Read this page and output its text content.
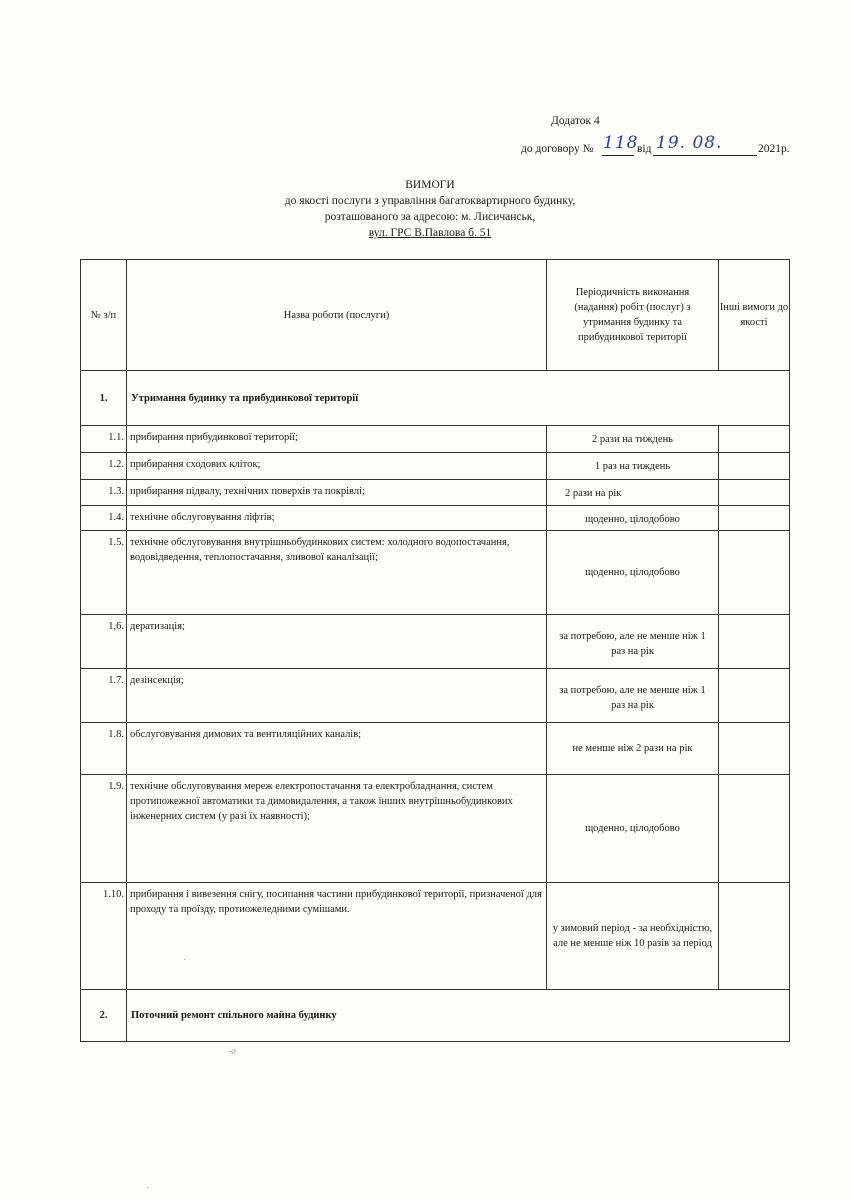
Додаток 4
до договору № 118
від 19. 08.	2021р.
ВИМОГИ
до якості послуги з управління багатоквартирного будинку,
розташованого за адресою: м. Лисичанськ,
вул. ГРС В.Павлова б. 51
№ з/п	Назва роботи (послуги)	Періодичність виконання (надання) робіт (послуг) з утримання будинку та прибудинкової території	Інші вимоги до якості
1.	Утримання будинку та прибудинкової території		
1.1.	прибирання прибудинкової території;	2 рази на тиждень	
1.2.	прибирання сходових кліток;	1 раз на тиждень	
1.3.	прибирання підвалу, технічних поверхів та покрівлі;	2 рази на рік	
1.4.	технічне обслуговування ліфтів;	щоденно, цілодобово	
1.5.	технічне обслуговування внутрішньобудинкових систем: холодного водопостачання, водовідведення, теплопостачання, зливової каналізації;	щоденно, цілодобово	
1,6.	дератизація;	за потребою, але не менше ніж 1 раз на рік	
1.7.	дезінсекція;	за потребою, але не менше ніж 1 раз на рік	
1.8.	обслуговування димових та вентиляційних каналів;	не менше ніж 2 рази на рік	
1.9.	технічне обслуговування мереж електропостачання та електробладнання, систем протипожежної автоматики та димовидалення, а також інших внутрішньобудинкових інженерних систем (у разі їх наявності);	щоденно, цілодобово	
1.10.	прибирання і вивезення снігу, посипання частини прибудинкової території, призначеної для проходу та проїзду, протиожеледними сумішами.	у зимовий період - за необхідністю, але не менше ніж 10 разів за період	
2.	Поточний ремонт спільного майна будинку		
-ǝ
·
·
